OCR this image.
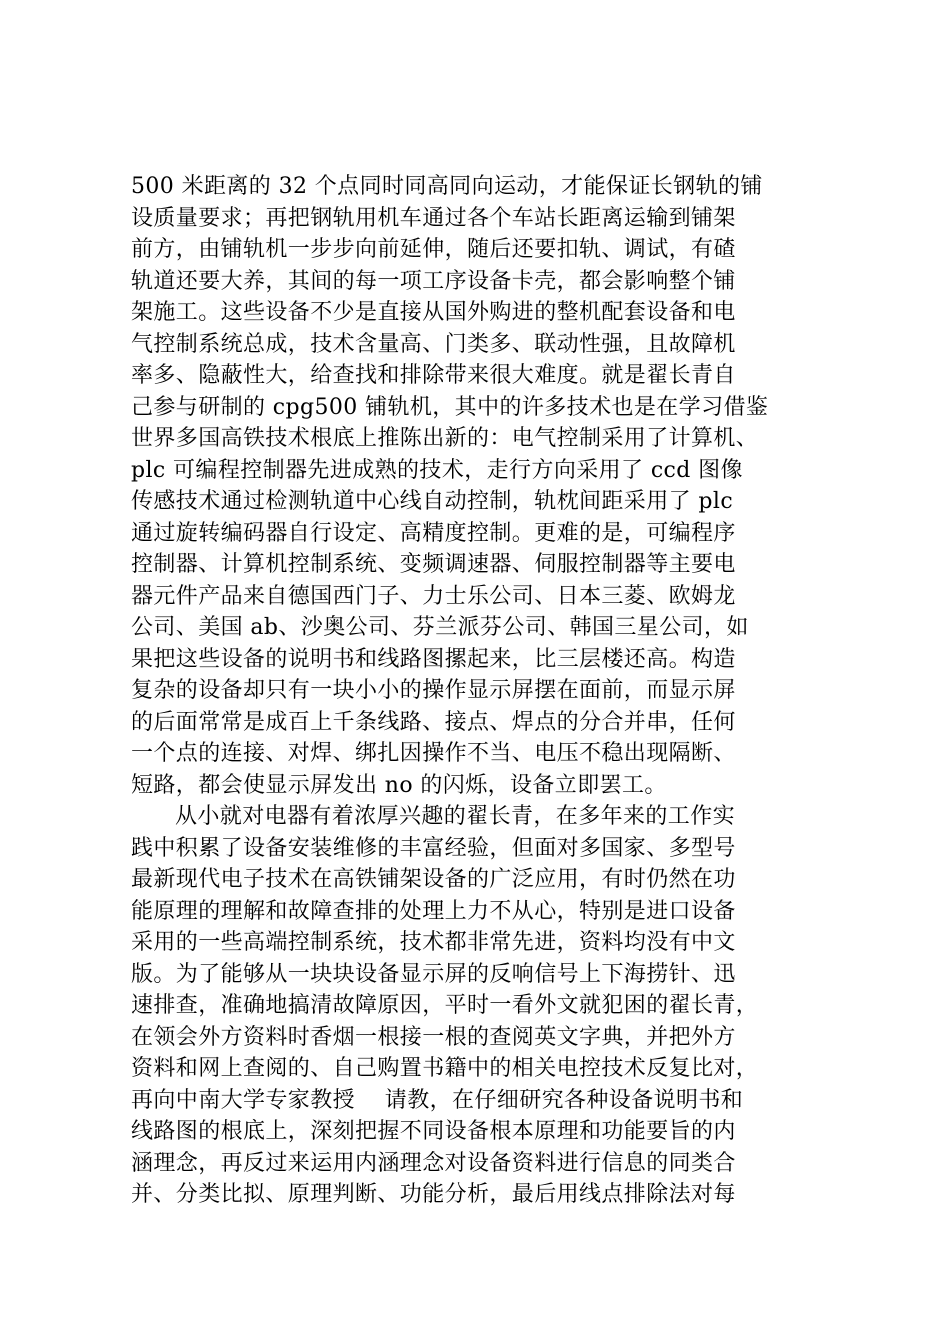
500 米距离的 32 个点同时同高同向运动，才能保证长钢轨的铺
设质量要求；再把钢轨用机车通过各个车站长距离运输到铺架
前方，由铺轨机一步步向前延伸，随后还要扣轨、调试，有碴
轨道还要大养，其间的每一项工序设备卡壳，都会影响整个铺
架施工。这些设备不少是直接从国外购进的整机配套设备和电
气控制系统总成，技术含量高、门类多、联动性强，且故障机
率多、隐蔽性大，给查找和排除带来很大难度。就是翟长青自
己参与研制的 cpg500 铺轨机，其中的许多技术也是在学习借鉴
世界多国高铁技术根底上推陈出新的：电气控制采用了计算机、
plc 可编程控制器先进成熟的技术，走行方向采用了 ccd 图像
传感技术通过检测轨道中心线自动控制，轨枕间距采用了 plc
通过旋转编码器自行设定、高精度控制。更难的是，可编程序
控制器、计算机控制系统、变频调速器、伺服控制器等主要电
器元件产品来自德国西门子、力士乐公司、日本三菱、欧姆龙
公司、美国 ab、沙奥公司、芬兰派芬公司、韩国三星公司，如
果把这些设备的说明书和线路图摞起来，比三层楼还高。构造
复杂的设备却只有一块小小的操作显示屏摆在面前，而显示屏
的后面常常是成百上千条线路、接点、焊点的分合并串，任何
一个点的连接、对焊、绑扎因操作不当、电压不稳出现隔断、
短路，都会使显示屏发出 no 的闪烁，设备立即罢工。
从小就对电器有着浓厚兴趣的翟长青，在多年来的工作实
践中积累了设备安装维修的丰富经验，但面对多国家、多型号
最新现代电子技术在高铁铺架设备的广泛应用，有时仍然在功
能原理的理解和故障查排的处理上力不从心，特别是进口设备
采用的一些高端控制系统，技术都非常先进，资料均没有中文
版。为了能够从一块块设备显示屏的反响信号上下海捞针、迅
速排查，准确地搞清故障原因，平时一看外文就犯困的翟长青，
在领会外方资料时香烟一根接一根的查阅英文字典，并把外方
资料和网上查阅的、自己购置书籍中的相关电控技术反复比对，
再向中南大学专家教授　 请教，在仔细研究各种设备说明书和
线路图的根底上，深刻把握不同设备根本原理和功能要旨的内
涵理念，再反过来运用内涵理念对设备资料进行信息的同类合
并、分类比拟、原理判断、功能分析，最后用线点排除法对每
